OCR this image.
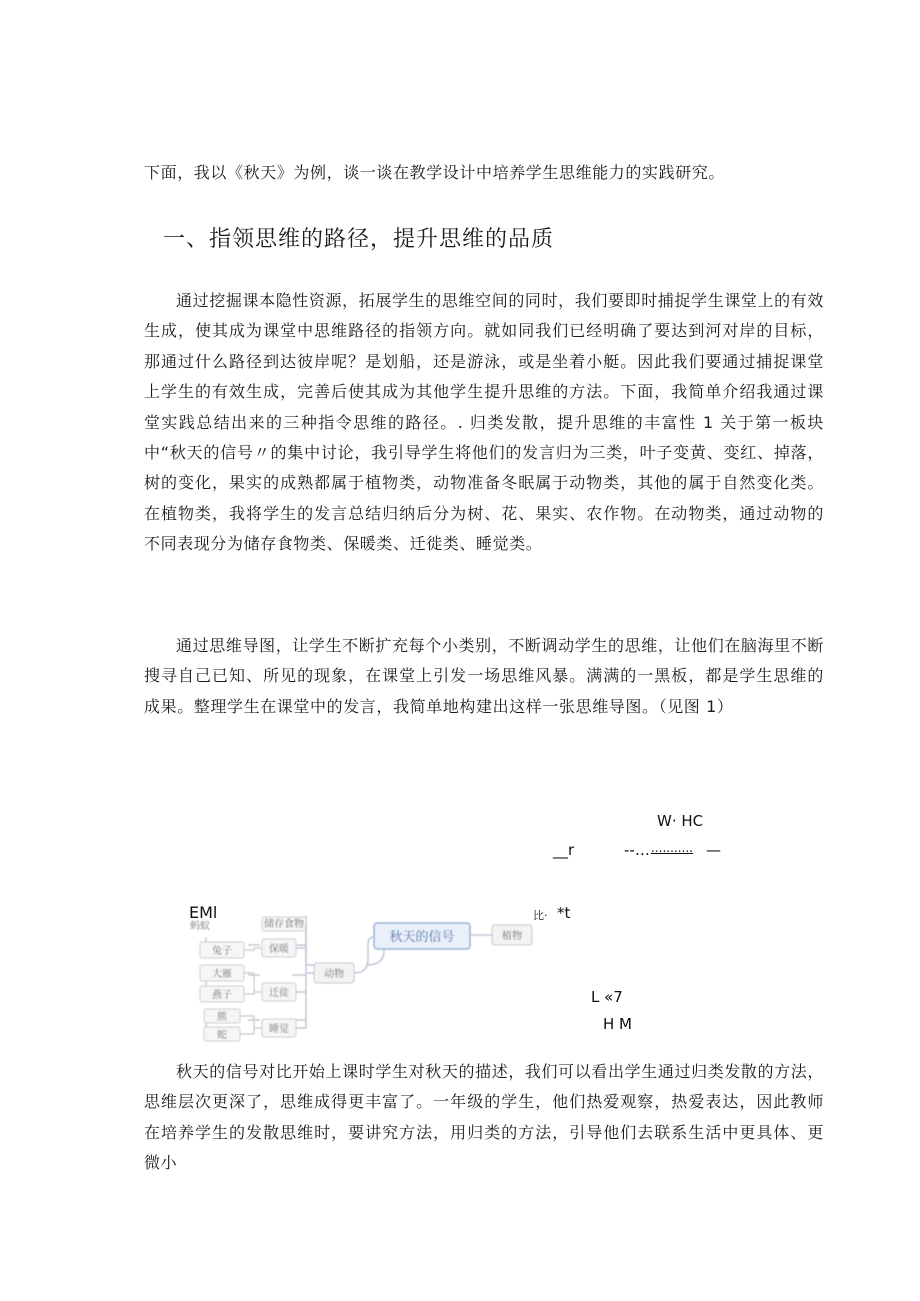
下面，我以《秋天》为例，谈一谈在教学设计中培养学生思维能力的实践研究。

一、指领思维的路径，提升思维的品质

通过挖掘课本隐性资源，拓展学生的思维空间的同时，我们要即时捕捉学生课堂上的有效生成，使其成为课堂中思维路径的指领方向。就如同我们已经明确了要达到河对岸的目标，那通过什么路径到达彼岸呢？是划船，还是游泳，或是坐着小艇。因此我们要通过捕捉课堂上学生的有效生成，完善后使其成为其他学生提升思维的方法。下面，我简单介绍我通过课堂实践总结出来的三种指令思维的路径。. 归类发散，提升思维的丰富性 1 关于第一板块中“秋天的信号〃的集中讨论，我引导学生将他们的发言归为三类，叶子变黄、变红、掉落，树的变化，果实的成熟都属于植物类，动物准备冬眠属于动物类，其他的属于自然变化类。在植物类，我将学生的发言总结归纳后分为树、花、果实、农作物。在动物类，通过动物的不同表现分为储存食物类、保暖类、迁徙类、睡觉类。

通过思维导图，让学生不断扩充每个小类别，不断调动学生的思维，让他们在脑海里不断搜寻自己已知、所见的现象，在课堂上引发一场思维风暴。满满的一黑板，都是学生思维的成果。整理学生在课堂中的发言，我简单地构建出这样一张思维导图。（见图 1）

W· HC
__r	--… ........... —
EMl	比· *t
L «7
H M
秋天的信号	植物
动物
储存食物
保暖
迁徙
睡觉
蚂蚁
兔子
大雁
燕子
熊
蛇

秋天的信号对比开始上课时学生对秋天的描述，我们可以看出学生通过归类发散的方法，思维层次更深了，思维成得更丰富了。一年级的学生，他们热爱观察，热爱表达，因此教师在培养学生的发散思维时，要讲究方法，用归类的方法，引导他们去联系生活中更具体、更微小
